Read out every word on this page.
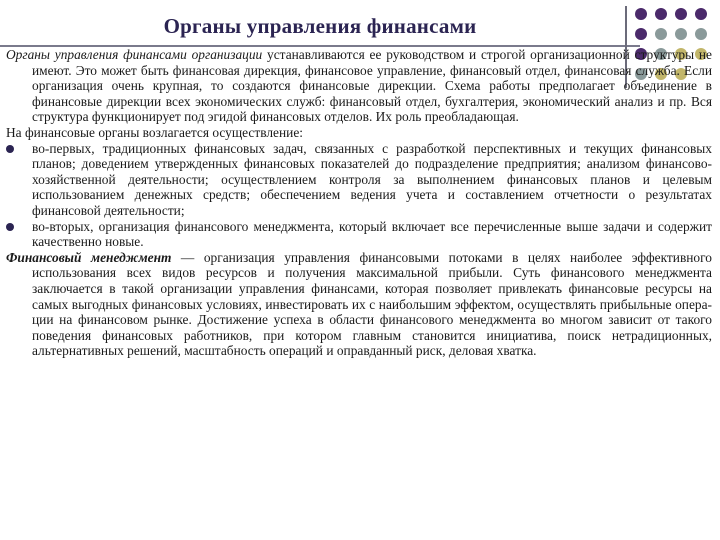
Органы управления финансами

Органы управления финансами организации устанавливаются ее руководством и строгой организационной структуры не имеют. Это может быть финансовая дирекция, финансовое управление, финансовый отдел, финансовая служба. Если организация очень крупная, то создаются финансовые дирекции. Схема работы предполагает объединение в финансовые дирекции всех экономических служб: финансовый отдел, бухгалтерия, экономический анализ и пр. Вся структура функционирует под эгидой финансовых отделов. Их роль преобладающая.

На финансовые органы возлагается осуществление:

во-первых, традиционных финансовых задач, связанных с разработкой перспективных и текущих финансовых планов; доведением утвержденных финансовых показателей до подразделение предприятия; анализом финансово-хозяйственной деятельности; осуществлением контроля за выполнением финансовых планов и целевым использованием денежных средств; обеспечением ведения учета и составлением отчетности о результатах финансовой деятельности;
во-вторых, организация финансового менеджмента, который включает все перечисленные выше задачи и содержит качественно новые.

Финансовый менеджмент — организация управления финансовыми потоками в целях наиболее эффективного использования всех видов ресурсов и получения максимальной прибыли. Суть финансового менеджмента заключается в такой организации управления финансами, которая позволяет привлекать финансовые ресурсы на самых выгодных финансовых условиях, инвестировать их с наибольшим эффектом, осуществлять прибыльные опера-ции на финансовом рынке. Достижение успеха в области финансового менеджмента во многом зависит от такого поведения финансовых работников, при котором главным становится инициатива, поиск нетрадиционных, альтернативных решений, масштабность операций и оправданный риск, деловая хватка.
